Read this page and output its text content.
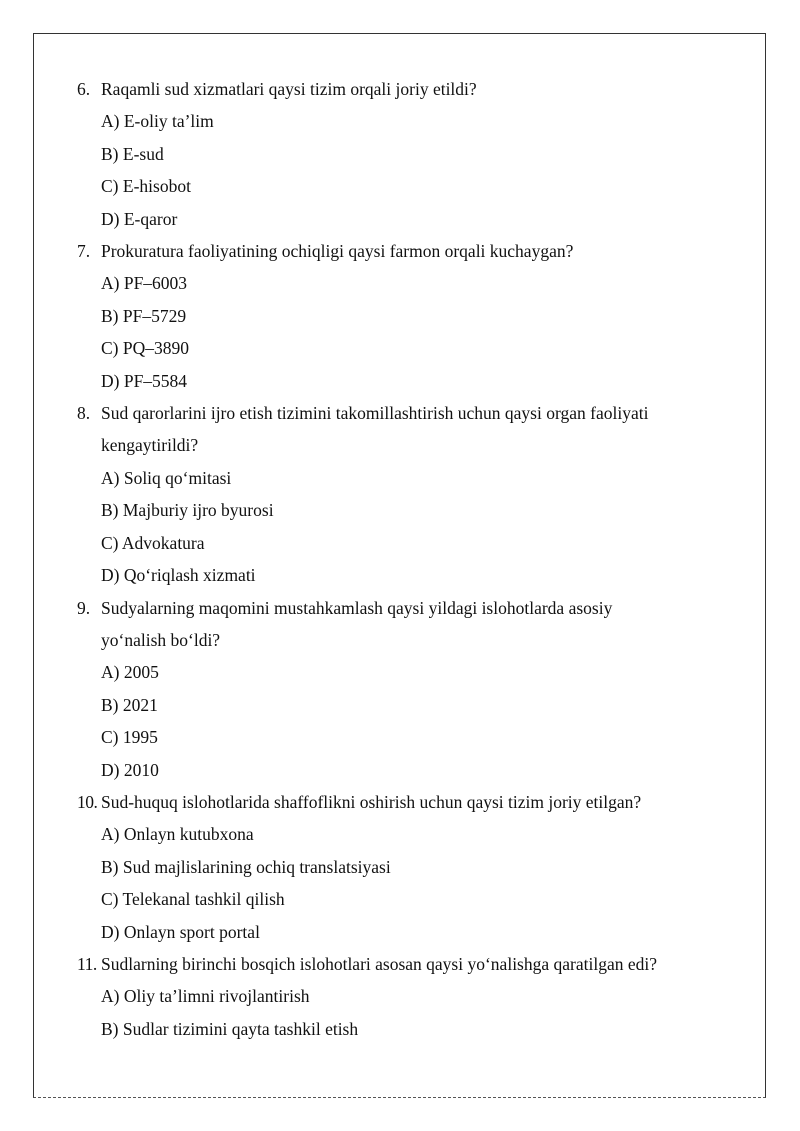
6. Raqamli sud xizmatlari qaysi tizim orqali joriy etildi?
A) E-oliy ta’lim
B) E-sud
C) E-hisobot
D) E-qaror
7. Prokuratura faoliyatining ochiqligi qaysi farmon orqali kuchaygan?
A) PF–6003
B) PF–5729
C) PQ–3890
D) PF–5584
8. Sud qarorlarini ijro etish tizimini takomillashtirish uchun qaysi organ faoliyati
kengaytirildi?
A) Soliq qo‘mitasi
B) Majburiy ijro byurosi
C) Advokatura
D) Qo‘riqlash xizmati
9. Sudyalarning maqomini mustahkamlash qaysi yildagi islohotlarda asosiy
yo‘nalish bo‘ldi?
A) 2005
B) 2021
C) 1995
D) 2010
10. Sud-huquq islohotlarida shaffoflikni oshirish uchun qaysi tizim joriy etilgan?
A) Onlayn kutubxona
B) Sud majlislarining ochiq translatsiyasi
C) Telekanal tashkil qilish
D) Onlayn sport portal
11. Sudlarning birinchi bosqich islohotlari asosan qaysi yo‘nalishga qaratilgan edi?
A) Oliy ta’limni rivojlantirish
B) Sudlar tizimini qayta tashkil etish
